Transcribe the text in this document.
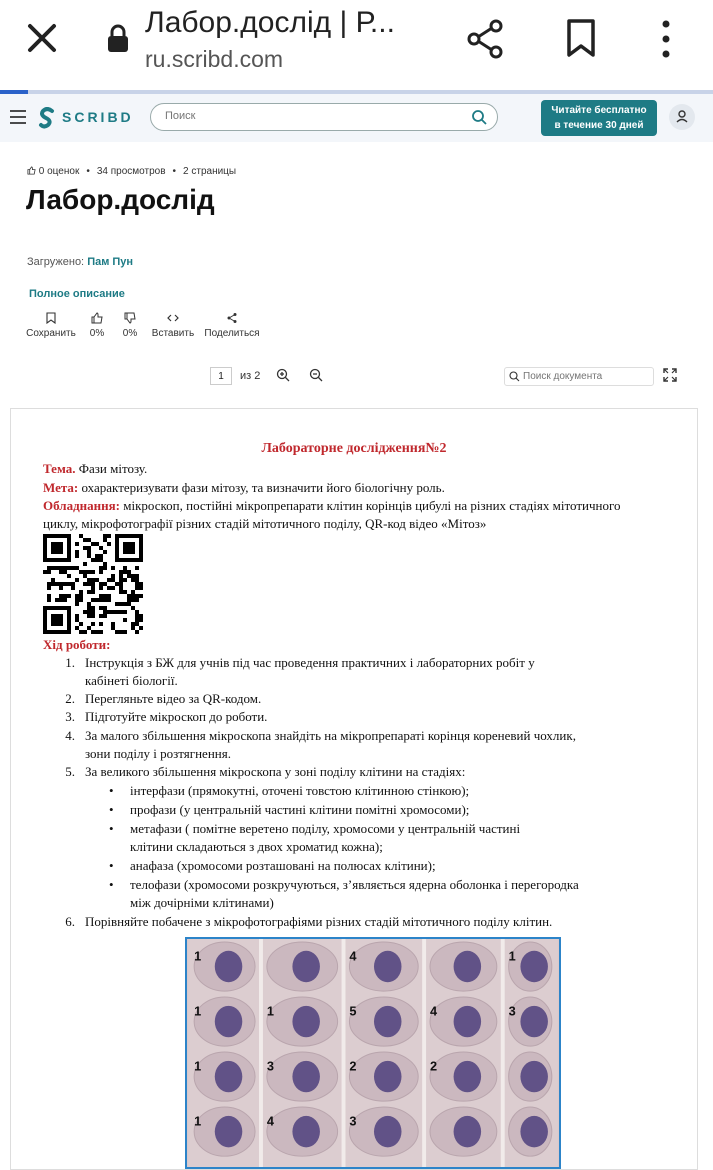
Лабор.дослід | Р...
ru.scribd.com
SCRIBD
Поиск	Читайте бесплатно
в течение 30 дней
0 оценок • 34 просмотров • 2 страницы
Лабор.дослід
Загружено: Пам Пун
Полное описание
Сохранить	0%	0%	Вставить Поделиться
1	из 2
Поиск документа
Лабораторне дослідження№2
Тема. Фази мітозу.
Мета: охарактеризувати фази мітозу, та визначити його біологічну роль.
Обладнання: мікроскоп, постійні мікропрепарати клітин корінців цибулі на різних стадіях мітотичного
циклу, мікрофотографії різних стадій мітотичного поділу, QR-код відео «Мітоз»
Хід роботи:
1. Інструкція з БЖ для учнів під час проведення практичних і лабораторних робіт у
кабінеті біології.
2. Перегляньте відео за QR-кодом.
3. Підготуйте мікроскоп до роботи.
4. За малого збільшення мікроскопа знайдіть на мікропрепараті корінця кореневий чохлик,
зони поділу і розтягнення.
5. За великого збільшення мікроскопа у зоні поділу клітини на стадіях:
• інтерфази (прямокутні, оточені товстою клітинною стінкою);
• профази (у центральній частині клітини помітні хромосоми);
• метафази ( помітне веретено поділу, хромосоми у центральній частині
клітини складаються з двох хроматид кожна);
• анафаза (хромосоми розташовані на полюсах клітини);
• телофази (хромосоми розкручуються, з’являється ядерна оболонка і перегородка
між дочірніми клітинами)
6. Порівняйте побачене з мікрофотографіями різних стадій мітотичного поділу клітин.
1
1
1
1
1
3
4
4
5
2
3
4
2
1
3
